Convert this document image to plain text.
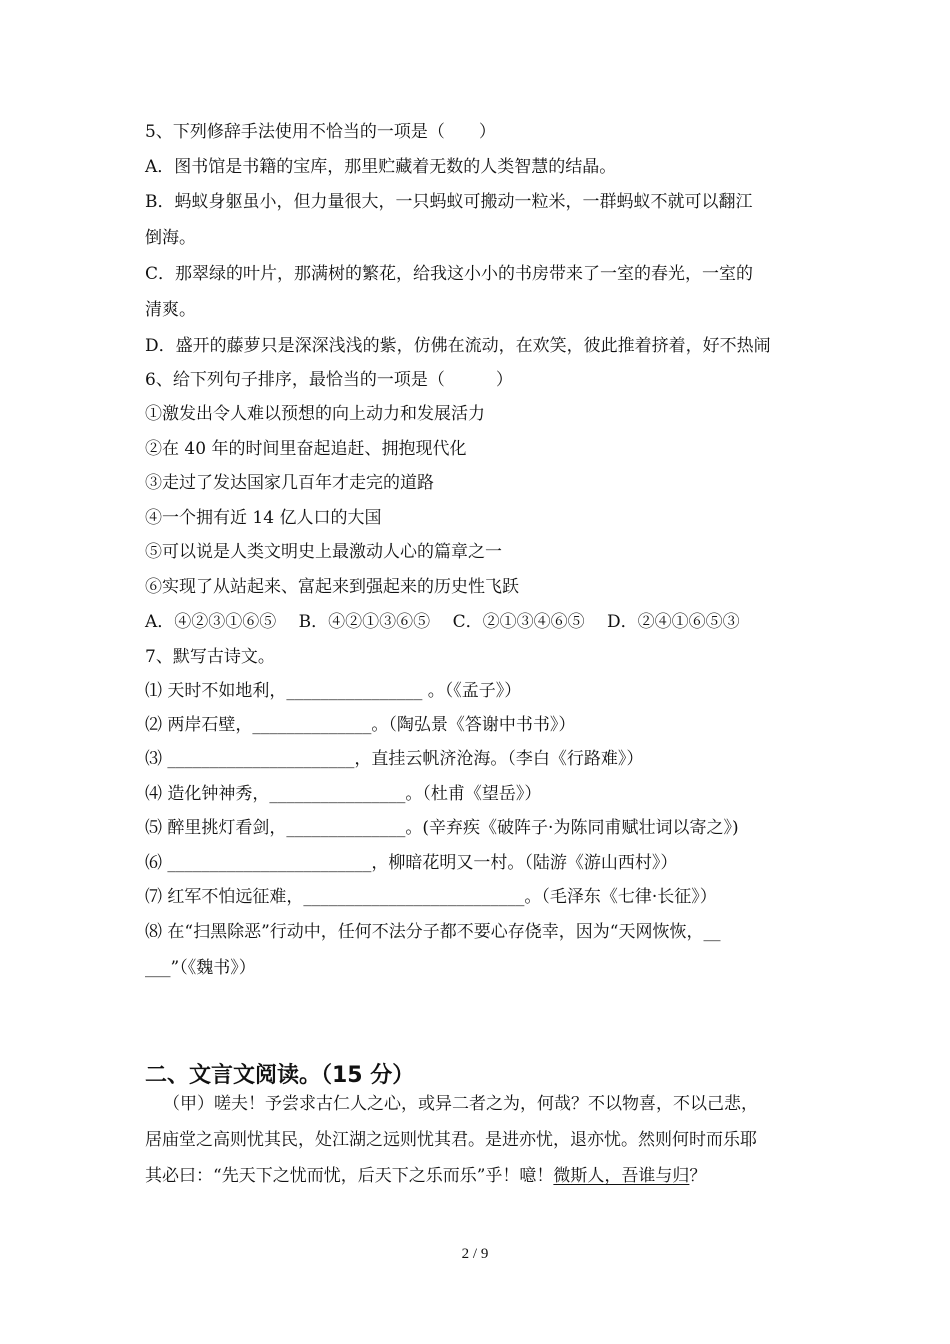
5、下列修辞手法使用不恰当的一项是（　　）
A．图书馆是书籍的宝库，那里贮藏着无数的人类智慧的结晶。
B．蚂蚁身躯虽小，但力量很大，一只蚂蚁可搬动一粒米，一群蚂蚁不就可以翻江
倒海。
C．那翠绿的叶片，那满树的繁花，给我这小小的书房带来了一室的春光，一室的
清爽。
D．盛开的藤萝只是深深浅浅的紫，仿佛在流动，在欢笑，彼此推着挤着，好不热闹
6、给下列句子排序，最恰当的一项是（　　　）
①激发出令人难以预想的向上动力和发展活力
②在 40 年的时间里奋起追赶、拥抱现代化
③走过了发达国家几百年才走完的道路
④一个拥有近 14 亿人口的大国
⑤可以说是人类文明史上最激动人心的篇章之一
⑥实现了从站起来、富起来到强起来的历史性飞跃
A．④②③①⑥⑤　 B．④②①③⑥⑤　 C．②①③④⑥⑤　 D．②④①⑥⑤③
7、默写古诗文。
⑴ 天时不如地利，________________ 。（《孟子》）
⑵ 两岸石壁，______________。（陶弘景《答谢中书书》）
⑶ ______________________，直挂云帆济沧海。（李白《行路难》）
⑷ 造化钟神秀，________________。（杜甫《望岳》）
⑸ 醉里挑灯看剑，______________。(辛弃疾《破阵子·为陈同甫赋壮词以寄之》)
⑹ ________________________，柳暗花明又一村。（陆游《游山西村》）
⑺ 红军不怕远征难，__________________________。（毛泽东《七律·长征》）
⑻ 在“扫黑除恶”行动中，任何不法分子都不要心存侥幸，因为“天网恢恢，__
___”（《魏书》）
二、文言文阅读。（15 分）
（甲）嗟夫！予尝求古仁人之心，或异二者之为，何哉？不以物喜，不以己悲，
居庙堂之高则忧其民，处江湖之远则忧其君。是进亦忧，退亦忧。然则何时而乐耶
其必曰：“先天下之忧而忧，后天下之乐而乐”乎！噫！微斯人，吾谁与归？
2 / 9
